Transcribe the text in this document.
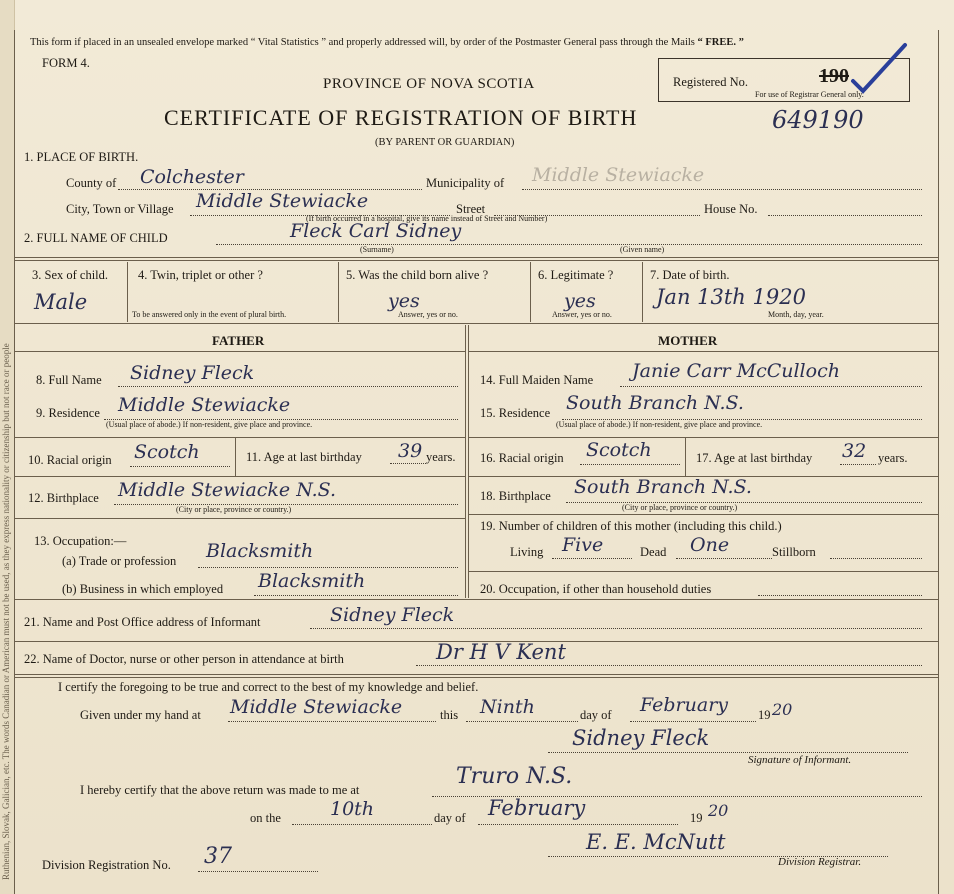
Ruthenian, Slovak, Galician, etc. The words Canadian or American must not be used, as they express nationality or citizenship but not race or people
This form if placed in an unsealed envelope marked “ Vital Statistics ” and properly addressed will, by order of the Postmaster General pass through the Mails “ FREE. ”
FORM 4.
Registered No.	190
For use of Registrar General only.
PROVINCE OF NOVA SCOTIA
CERTIFICATE OF REGISTRATION OF BIRTH	649190
(BY PARENT OR GUARDIAN)
1. PLACE OF BIRTH.
County of Colchester	Municipality of Middle Stewiacke
City, Town or Village Middle Stewiacke	Street	House No.
(If birth occurred in a hospital, give its name instead of Street and Number)
2. FULL NAME OF CHILD	Fleck Carl Sidney
(Surname)	(Given name)
3. Sex of child.
Male
4. Twin, triplet or other ?
To be answered only in the event of plural birth.
5. Was the child born alive ?
yes
Answer, yes or no.
6. Legitimate ?
yes
Answer, yes or no.
7. Date of birth.
Jan 13th 1920
Month, day, year.
FATHER	MOTHER
8. Full Name Sidney Fleck
9. Residence Middle Stewiacke
(Usual place of abode.) If non-resident, give place and province.
10. Racial origin Scotch	11. Age at last birthday 39 years.
12. Birthplace Middle Stewiacke N.S.
(City or place, province or country.)
13. Occupation:—
(a) Trade or profession Blacksmith
(b) Business in which employed Blacksmith
14. Full Maiden Name Janie Carr McCulloch
15. Residence South Branch N.S.
(Usual place of abode.) If non-resident, give place and province.
16. Racial origin Scotch	17. Age at last birthday 32 years.
18. Birthplace South Branch N.S.
(City or place, province or country.)
19. Number of children of this mother (including this child.)
Living Five	Dead One	Stillborn
20. Occupation, if other than household duties
21. Name and Post Office address of Informant	Sidney Fleck
22. Name of Doctor, nurse or other person in attendance at birth	Dr H V Kent
I certify the foregoing to be true and correct to the best of my knowledge and belief.
Given under my hand at Middle Stewiacke	this Ninth	day of February 19 20
Sidney Fleck
Signature of Informant.
I hereby certify that the above return was made to me at
Truro N.S.
on the	10th	day of February	19 20
E. E. McNutt
Division Registrar.
Division Registration No. 37
